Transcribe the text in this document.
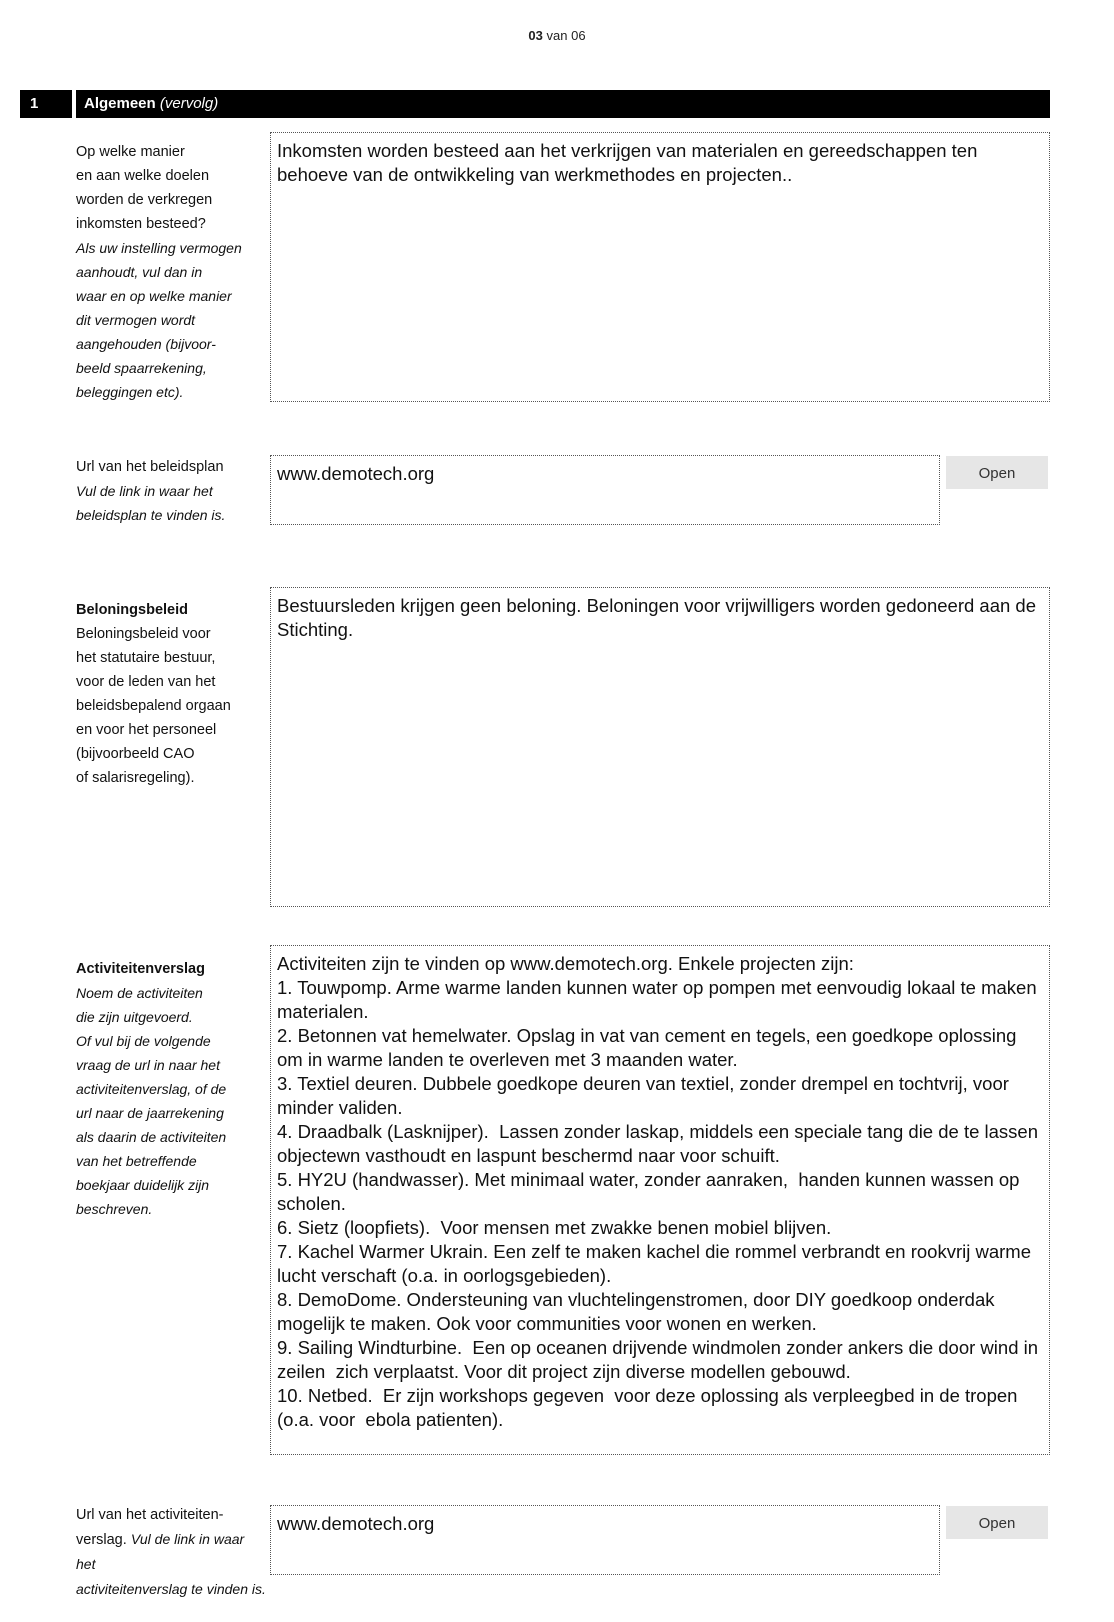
03 van 06
1	Algemeen (vervolg)
Op welke manier
en aan welke doelen
worden de verkregen
inkomsten besteed?
Als uw instelling vermogen
aanhoudt, vul dan in
waar en op welke manier
dit vermogen wordt
aangehouden (bijvoor-
beeld spaarrekening,
beleggingen etc).
Inkomsten worden besteed aan het verkrijgen van materialen en gereedschappen ten behoeve van de ontwikkeling van werkmethodes en projecten..
Url van het beleidsplan
Vul de link in waar het
beleidsplan te vinden is.
www.demotech.org	Open
Beloningsbeleid
Beloningsbeleid voor
het statutaire bestuur,
voor de leden van het
beleidsbepalend orgaan
en voor het personeel
(bijvoorbeeld CAO
of salarisregeling).
Bestuursleden krijgen geen beloning. Beloningen voor vrijwilligers worden gedoneerd aan de Stichting.
Activiteitenverslag
Noem de activiteiten
die zijn uitgevoerd.
Of vul bij de volgende
vraag de url in naar het
activiteitenverslag, of de
url naar de jaarrekening
als daarin de activiteiten
van het betreffende
boekjaar duidelijk zijn
beschreven.
Activiteiten zijn te vinden op www.demotech.org. Enkele projecten zijn:
1. Touwpomp. Arme warme landen kunnen water op pompen met eenvoudig lokaal te maken materialen.
2. Betonnen vat hemelwater. Opslag in vat van cement en tegels, een goedkope oplossing om in warme landen te overleven met 3 maanden water.
3. Textiel deuren. Dubbele goedkope deuren van textiel, zonder drempel en tochtvrij, voor minder validen.
4. Draadbalk (Lasknijper).  Lassen zonder laskap, middels een speciale tang die de te lassen objectewn vasthoudt en laspunt beschermd naar voor schuift.
5. HY2U (handwasser). Met minimaal water, zonder aanraken,  handen kunnen wassen op scholen.
6. Sietz (loopfiets).  Voor mensen met zwakke benen mobiel blijven.
7. Kachel Warmer Ukrain. Een zelf te maken kachel die rommel verbrandt en rookvrij warme lucht verschaft (o.a. in oorlogsgebieden).
8. DemoDome. Ondersteuning van vluchtelingenstromen, door DIY goedkoop onderdak mogelijk te maken. Ook voor communities voor wonen en werken.
9. Sailing Windturbine.  Een op oceanen drijvende windmolen zonder ankers die door wind in zeilen  zich verplaatst. Voor dit project zijn diverse modellen gebouwd.
10. Netbed.  Er zijn workshops gegeven  voor deze oplossing als verpleegbed in de tropen (o.a. voor  ebola patienten).
Url van het activiteiten-
verslag. Vul de link in waar het
activiteitenverslag te vinden is.
www.demotech.org	Open
